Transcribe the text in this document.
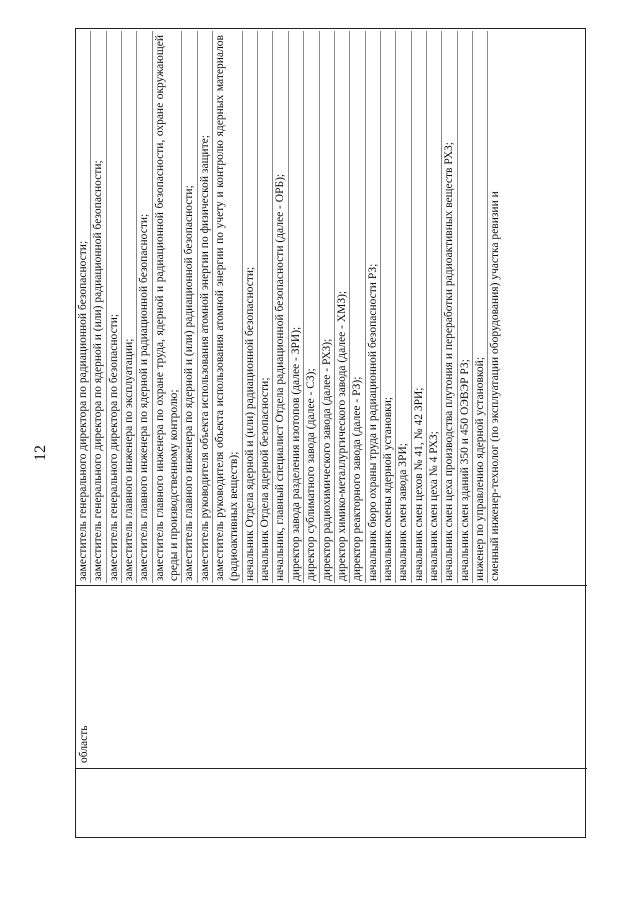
12
область
заместитель генерального директора по радиационной безопасности; заместитель генерального директора по ядерной и (или) радиационной безопасности; заместитель генерального директора по безопасности; заместитель главного инженера по эксплуатации; заместитель главного инженера по ядерной и радиационной безопасности; заместитель главного инженера по охране труда, ядерной и радиационной безопасности, охране окружающей среды и производственному контролю; заместитель главного инженера по ядерной и (или) радиационной безопасности; заместитель руководителя объекта использования атомной энергии по физической защите; заместитель руководителя объекта использования атомной энергии по учету и контролю ядерных материалов (радиоактивных веществ); начальник Отдела ядерной и (или) радиационной безопасности; начальник Отдела ядерной безопасности; начальник, главный специалист Отдела радиационной безопасности (далее - ОРБ); директор завода разделения изотопов (далее - ЗРИ); директор сублиматного завода (далее - СЗ); директор радиохимического завода (далее - РХЗ); директор химико-металлургического завода (далее - ХМЗ); директор реакторного завода (далее - РЗ); начальник бюро охраны труда и радиационной безопасности РЗ; начальник смены ядерной установки; начальник смен завода ЗРИ; начальник смен цехов № 41, № 42 ЗРИ; начальник смен цеха № 4 РХЗ; начальник смен цеха производства плутония и переработки радиоактивных веществ РХЗ; начальник смен зданий 350 и 450 ОЭВЭР РЗ; инженер по управлению ядерной установкой; сменный инженер-технолог (по эксплуатации оборудования) участка ревизии и
